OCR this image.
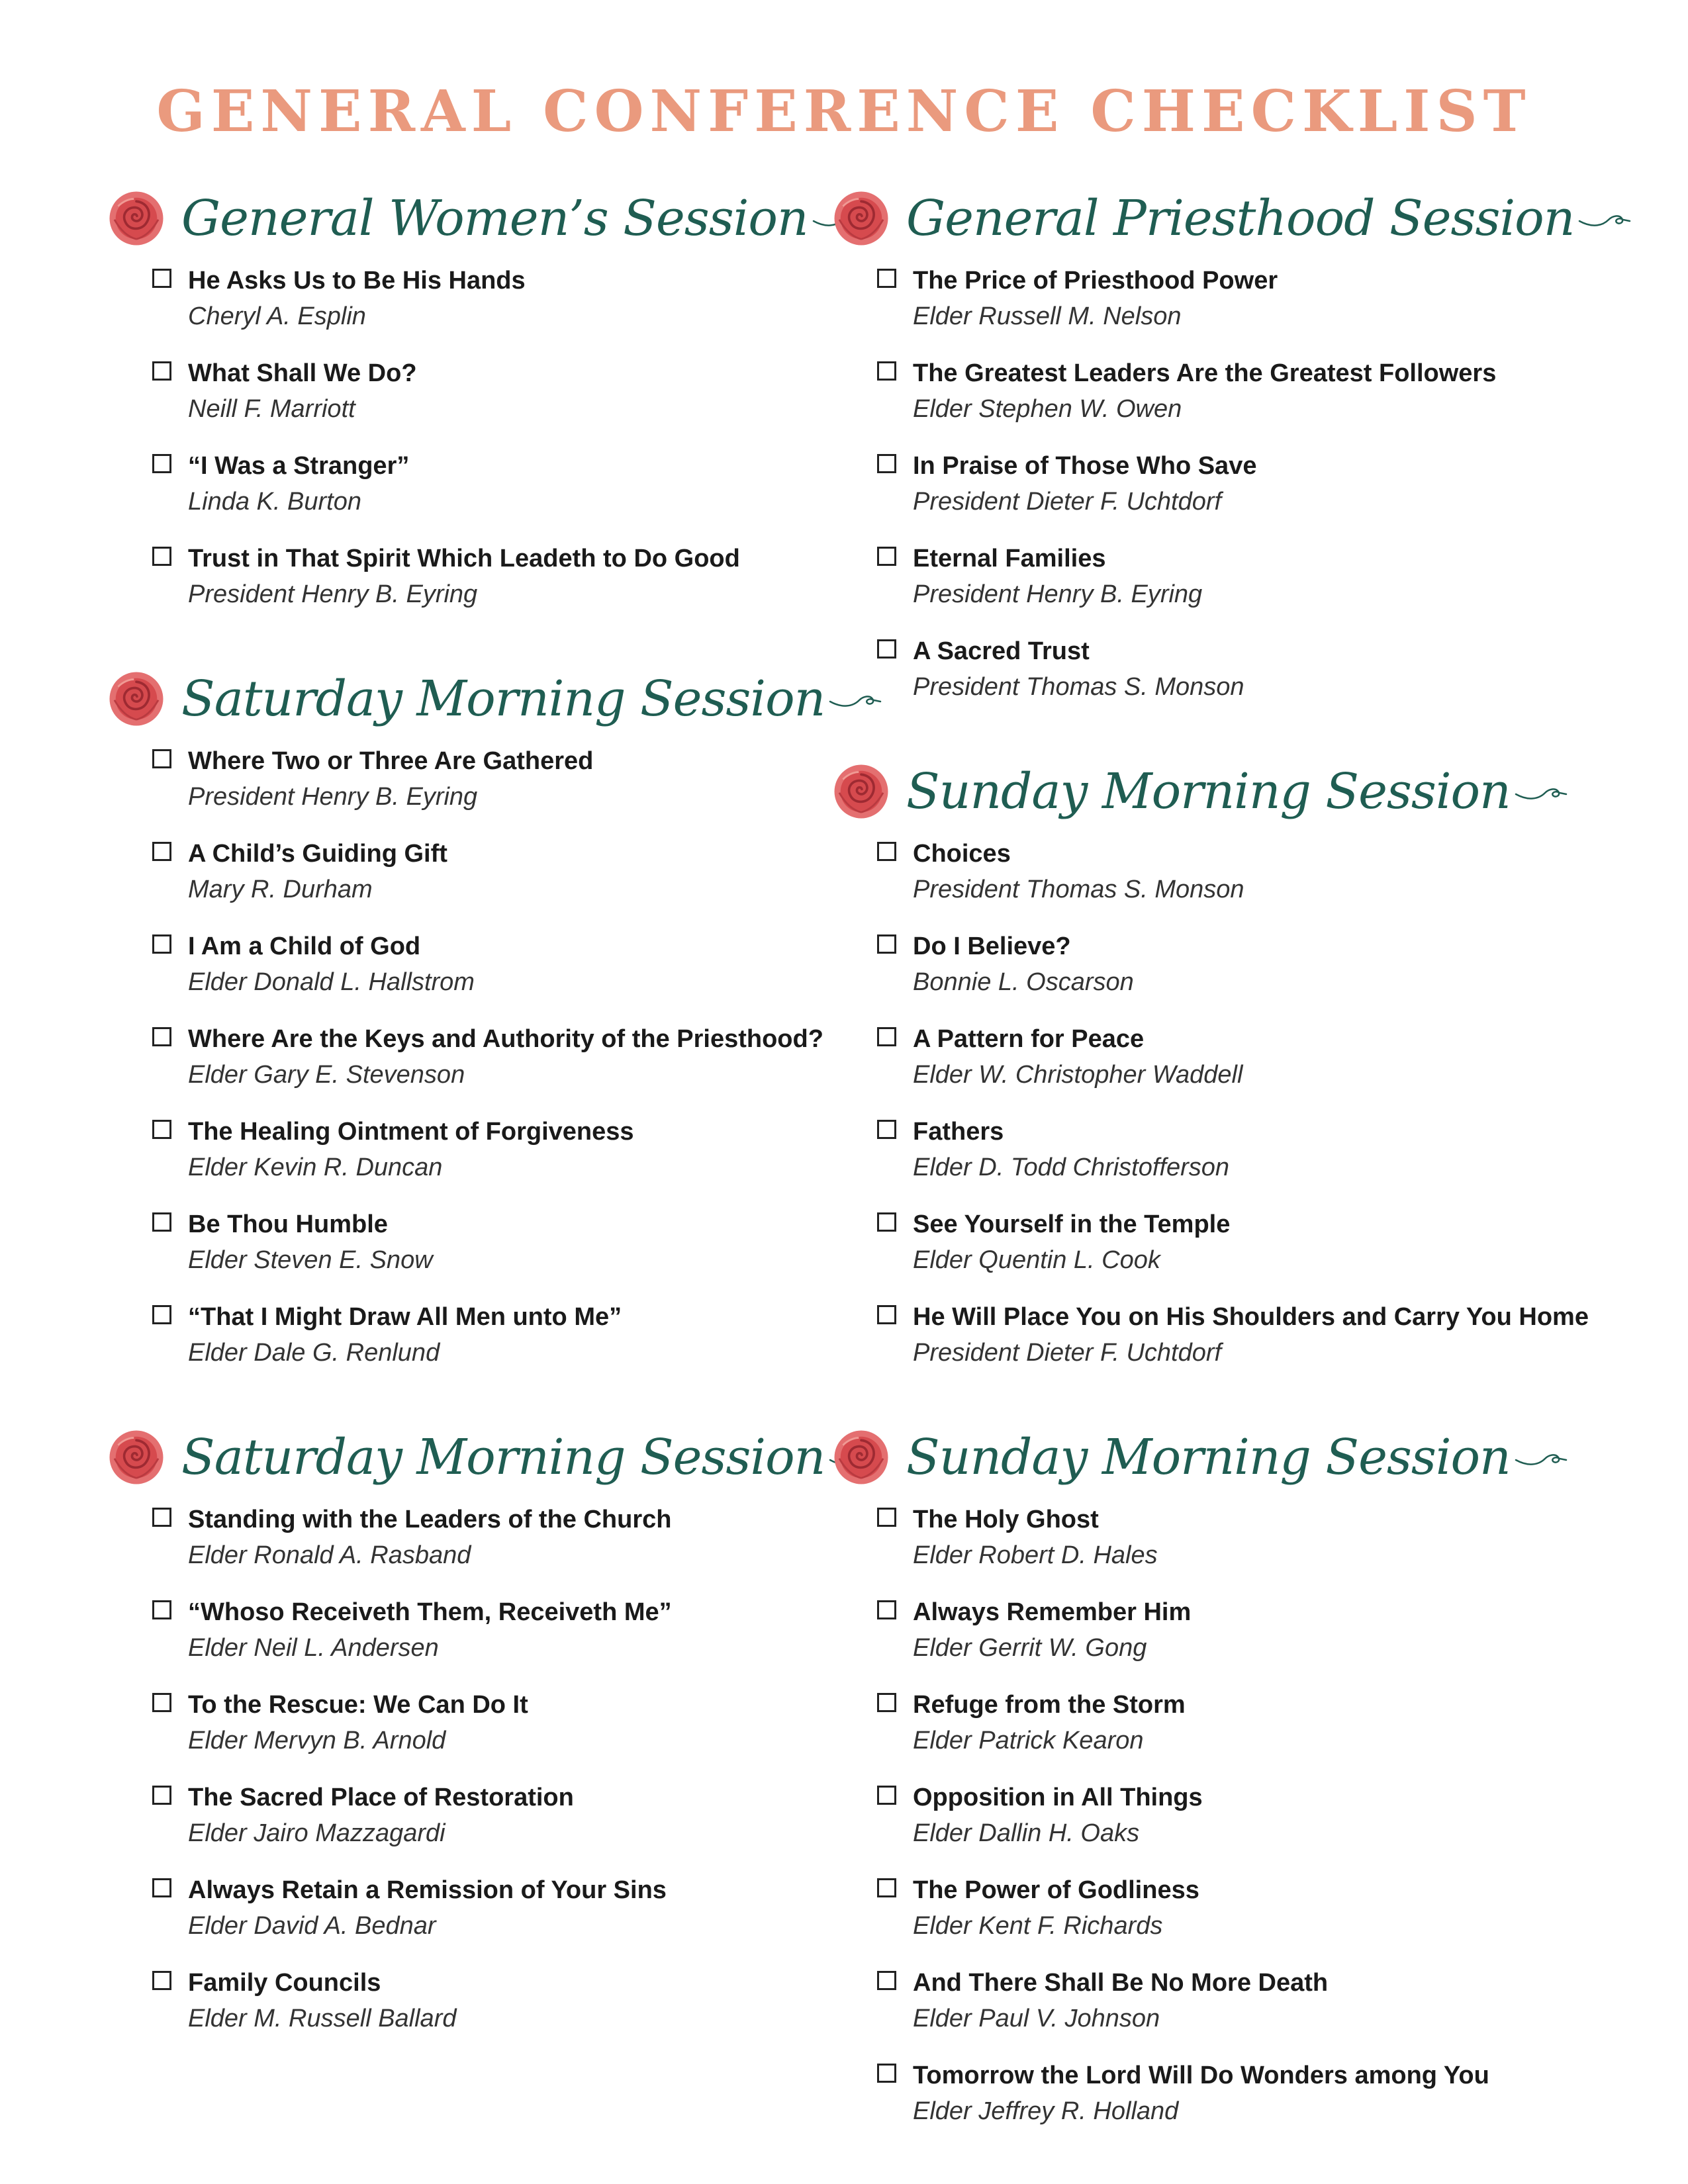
GENERAL CONFERENCE CHECKLIST
General Women’s Session
He Asks Us to Be His Hands
Cheryl A. Esplin
What Shall We Do?
Neill F. Marriott
“I Was a Stranger”
Linda K. Burton
Trust in That Spirit Which Leadeth to Do Good
President Henry B. Eyring
Saturday Morning Session
Where Two or Three Are Gathered
President Henry B. Eyring
A Child’s Guiding Gift
Mary R. Durham
I Am a Child of God
Elder Donald L. Hallstrom
Where Are the Keys and Authority of the Priesthood?
Elder Gary E. Stevenson
The Healing Ointment of Forgiveness
Elder Kevin R. Duncan
Be Thou Humble
Elder Steven E. Snow
“That I Might Draw All Men unto Me”
Elder Dale G. Renlund
Saturday Morning Session
Standing with the Leaders of the Church
Elder Ronald A. Rasband
“Whoso Receiveth Them, Receiveth Me”
Elder Neil L. Andersen
To the Rescue: We Can Do It
Elder Mervyn B. Arnold
The Sacred Place of Restoration
Elder Jairo Mazzagardi
Always Retain a Remission of Your Sins
Elder David A. Bednar
Family Councils
Elder M. Russell Ballard
General Priesthood Session
The Price of Priesthood Power
Elder Russell M. Nelson
The Greatest Leaders Are the Greatest Followers
Elder Stephen W. Owen
In Praise of Those Who Save
President Dieter F. Uchtdorf
Eternal Families
President Henry B. Eyring
A Sacred Trust
President Thomas S. Monson
Sunday Morning Session
Choices
President Thomas S. Monson
Do I Believe?
Bonnie L. Oscarson
A Pattern for Peace
Elder W. Christopher Waddell
Fathers
Elder D. Todd Christofferson
See Yourself in the Temple
Elder Quentin L. Cook
He Will Place You on His Shoulders and Carry You Home
President Dieter F. Uchtdorf
Sunday Morning Session
The Holy Ghost
Elder Robert D. Hales
Always Remember Him
Elder Gerrit W. Gong
Refuge from the Storm
Elder Patrick Kearon
Opposition in All Things
Elder Dallin H. Oaks
The Power of Godliness
Elder Kent F. Richards
And There Shall Be No More Death
Elder Paul V. Johnson
Tomorrow the Lord Will Do Wonders among You
Elder Jeffrey R. Holland
